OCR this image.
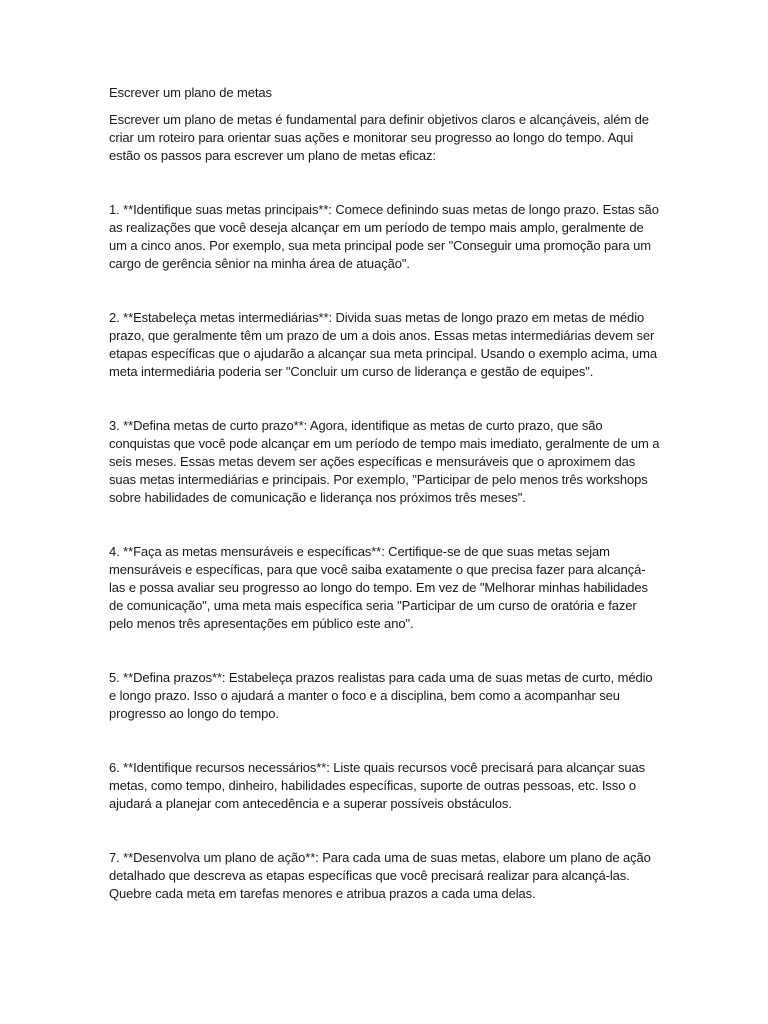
Escrever um plano de metas

Escrever um plano de metas é fundamental para definir objetivos claros e alcançáveis, além de criar um roteiro para orientar suas ações e monitorar seu progresso ao longo do tempo. Aqui estão os passos para escrever um plano de metas eficaz:

1. **Identifique suas metas principais**: Comece definindo suas metas de longo prazo. Estas são as realizações que você deseja alcançar em um período de tempo mais amplo, geralmente de um a cinco anos. Por exemplo, sua meta principal pode ser "Conseguir uma promoção para um cargo de gerência sênior na minha área de atuação".

2. **Estabeleça metas intermediárias**: Divida suas metas de longo prazo em metas de médio prazo, que geralmente têm um prazo de um a dois anos. Essas metas intermediárias devem ser etapas específicas que o ajudarão a alcançar sua meta principal. Usando o exemplo acima, uma meta intermediária poderia ser "Concluir um curso de liderança e gestão de equipes".

3. **Defina metas de curto prazo**: Agora, identifique as metas de curto prazo, que são conquistas que você pode alcançar em um período de tempo mais imediato, geralmente de um a seis meses. Essas metas devem ser ações específicas e mensuráveis que o aproximem das suas metas intermediárias e principais. Por exemplo, "Participar de pelo menos três workshops sobre habilidades de comunicação e liderança nos próximos três meses".

4. **Faça as metas mensuráveis e específicas**: Certifique-se de que suas metas sejam mensuráveis e específicas, para que você saiba exatamente o que precisa fazer para alcançá-las e possa avaliar seu progresso ao longo do tempo. Em vez de "Melhorar minhas habilidades de comunicação", uma meta mais específica seria "Participar de um curso de oratória e fazer pelo menos três apresentações em público este ano".

5. **Defina prazos**: Estabeleça prazos realistas para cada uma de suas metas de curto, médio e longo prazo. Isso o ajudará a manter o foco e a disciplina, bem como a acompanhar seu progresso ao longo do tempo.

6. **Identifique recursos necessários**: Liste quais recursos você precisará para alcançar suas metas, como tempo, dinheiro, habilidades específicas, suporte de outras pessoas, etc. Isso o ajudará a planejar com antecedência e a superar possíveis obstáculos.

7. **Desenvolva um plano de ação**: Para cada uma de suas metas, elabore um plano de ação detalhado que descreva as etapas específicas que você precisará realizar para alcançá-las. Quebre cada meta em tarefas menores e atribua prazos a cada uma delas.
